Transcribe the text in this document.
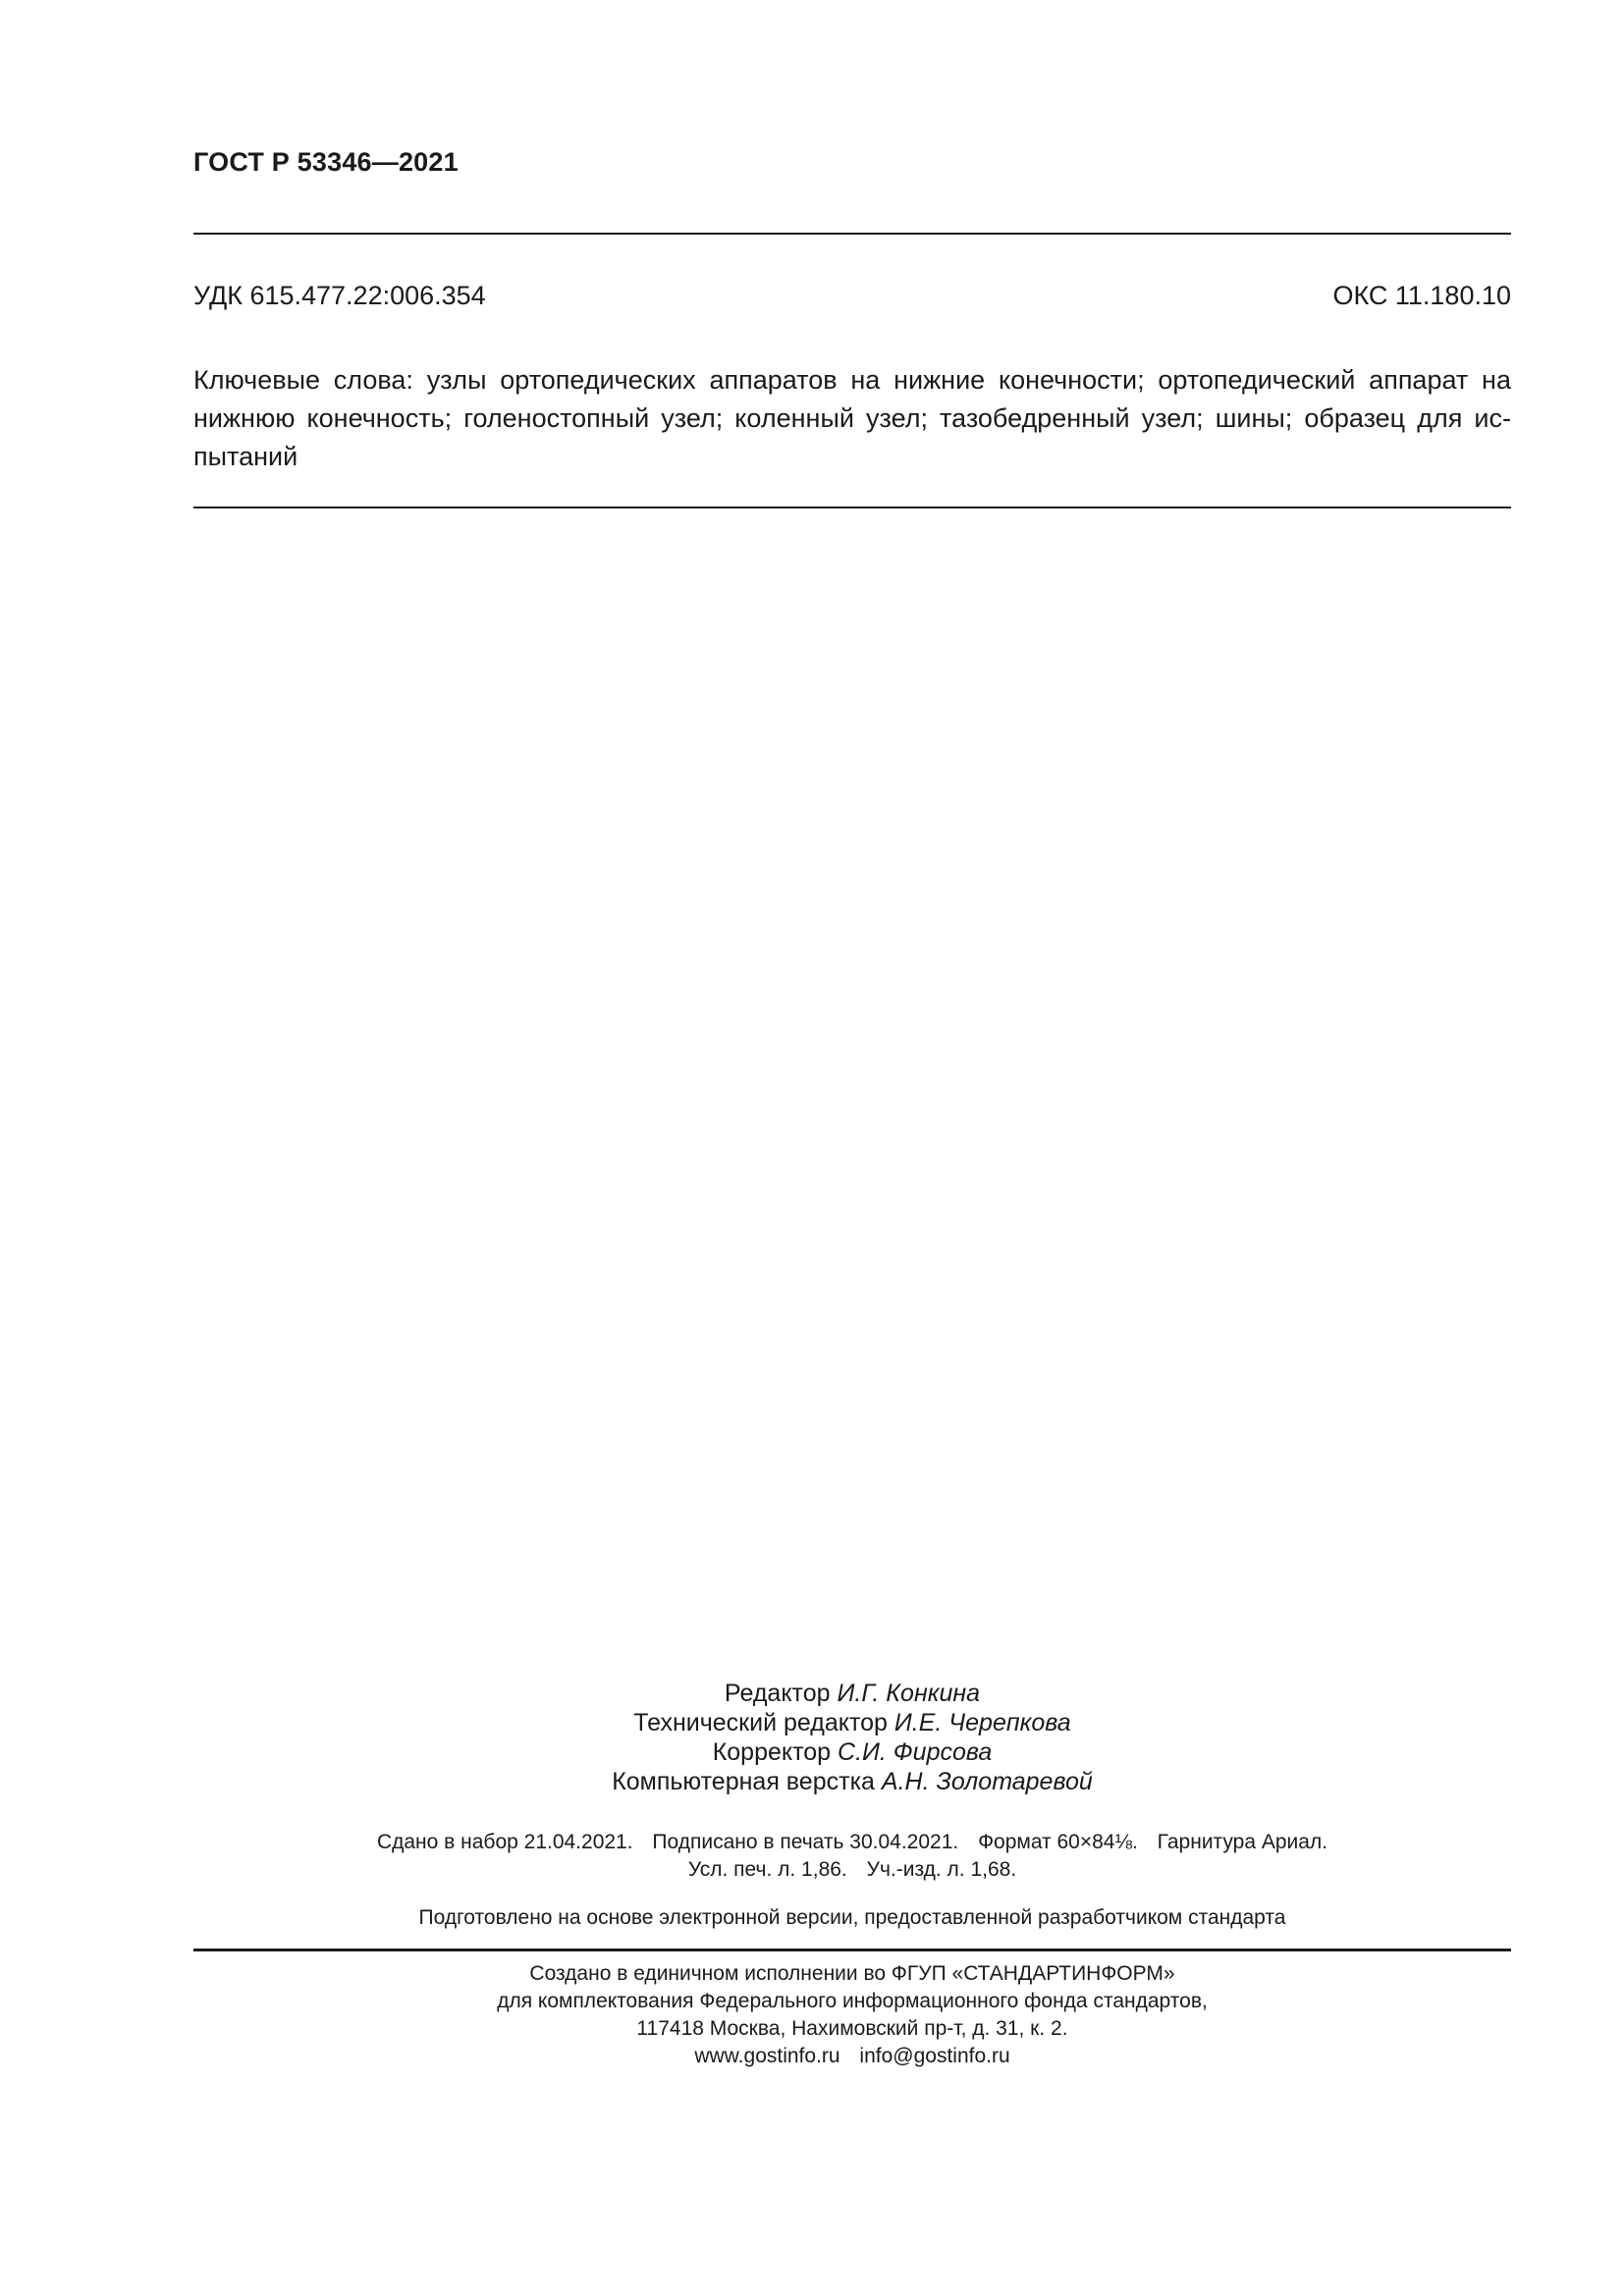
ГОСТ Р 53346—2021
УДК 615.477.22:006.354	ОКС 11.180.10
Ключевые слова: узлы ортопедических аппаратов на нижние конечности; ортопедический аппарат на нижнюю конечность; голеностопный узел; коленный узел; тазобедренный узел; шины; образец для испытаний
Редактор И.Г. Конкина
Технический редактор И.Е. Черепкова
Корректор С.И. Фирсова
Компьютерная верстка А.Н. Золотаревой
Сдано в набор 21.04.2021. Подписано в печать 30.04.2021. Формат 60×84⅛. Гарнитура Ариал.
Усл. печ. л. 1,86. Уч.-изд. л. 1,68.
Подготовлено на основе электронной версии, предоставленной разработчиком стандарта
Создано в единичном исполнении во ФГУП «СТАНДАРТИНФОРМ»
для комплектования Федерального информационного фонда стандартов,
117418 Москва, Нахимовский пр-т, д. 31, к. 2.
www.gostinfo.ru info@gostinfo.ru
